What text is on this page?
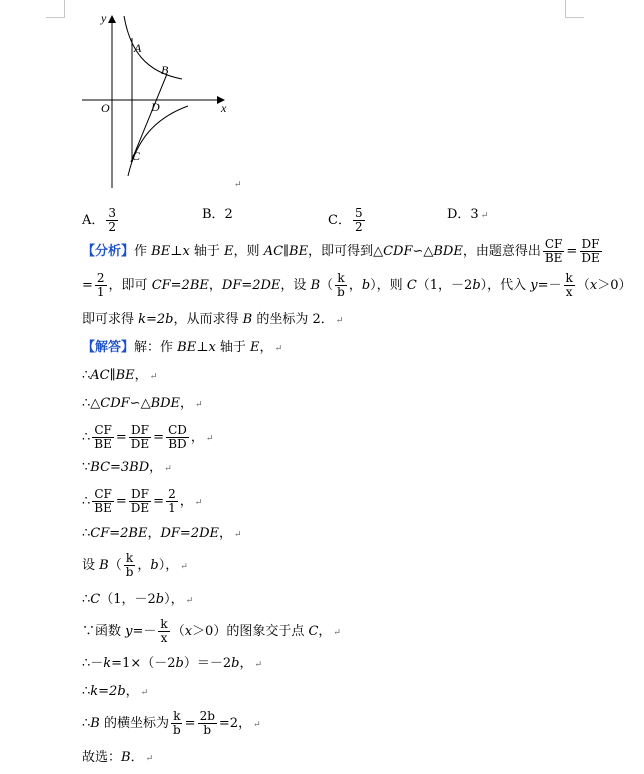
y
x
O
A
B
D
C
↵
A． $\frac{3}{2}$	B．2	C． $\frac{5}{2}$	D．3 ↵
【分析】作 BE⊥x 轴于 E，则 AC∥BE，即可得到△CDF∽△BDE，由题意得出 $\frac{CF}{BE} = \frac{DF}{DE}$
= $\frac{2}{1}$ ，即可 CF=2BE，DF=2DE，设 $B( \frac{k}{b}$ ，b），则 C（1，－2b），代入 $y=- \frac{k}{x} (x>0)$
即可求得 k=2b，从而求得 B 的坐标为 2． ↵
【解答】解：作 BE⊥x 轴于 E， ↵
∴AC∥BE， ↵
∴△CDF∽△BDE， ↵
∴ $\frac{CF}{BE} = \frac{DF}{DE} = \frac{CD}{BD}$ ， ↵
∵BC=3BD， ↵
∴ $\frac{CF}{BE} = \frac{DF}{DE} = \frac{2}{1}$ ， ↵
∴CF=2BE，DF=2DE， ↵
设 $B( \frac{k}{b}$ ，b）， ↵
∴C（1，－2b）， ↵
∵函数 $y=- \frac{k}{x} (x>0)$的图象交于点 C， ↵
∴－k=1×（－2b）＝－2b， ↵
∴k=2b， ↵
∴B 的横坐标为 $\frac{k}{b} = \frac{2b}{b} =2$， ↵
故选：B． ↵
